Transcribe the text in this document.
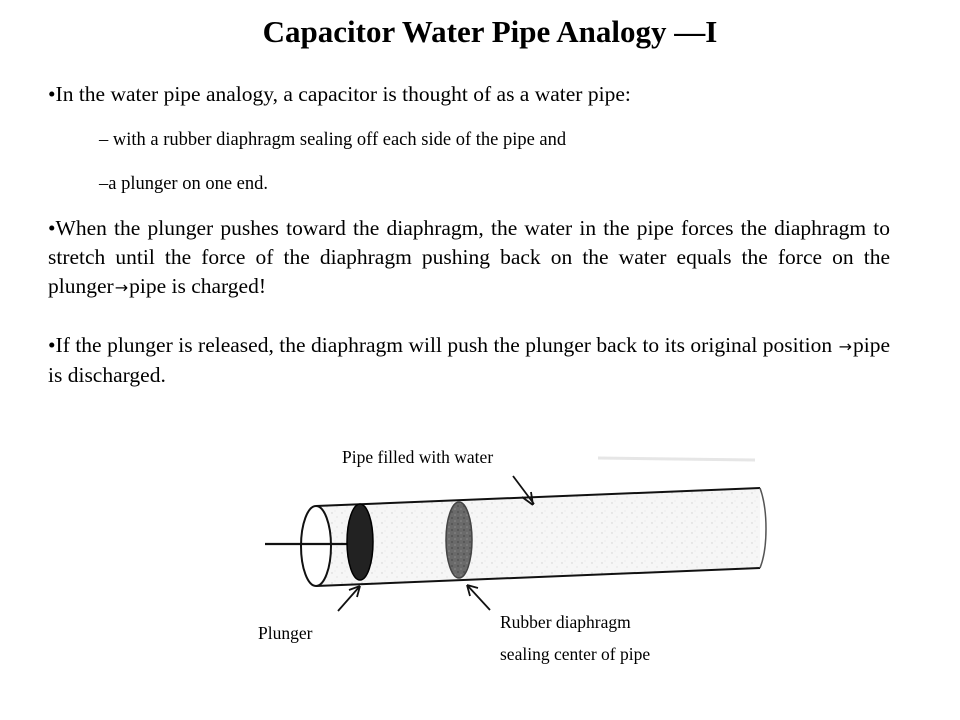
Capacitor Water Pipe Analogy —I
• In the water pipe analogy, a capacitor is thought of as a water pipe:
– with a rubber diaphragm sealing off each side of the pipe and
–a plunger on one end.
• When the plunger pushes toward the diaphragm, the water in the pipe forces the diaphragm to stretch until the force of the diaphragm pushing back on the water equals the force on the plunger→pipe is charged!
• If the plunger is released, the diaphragm will push the plunger back to its original position →pipe is discharged.
Pipe filled with water
Plunger
Rubber diaphragm
sealing center of pipe
